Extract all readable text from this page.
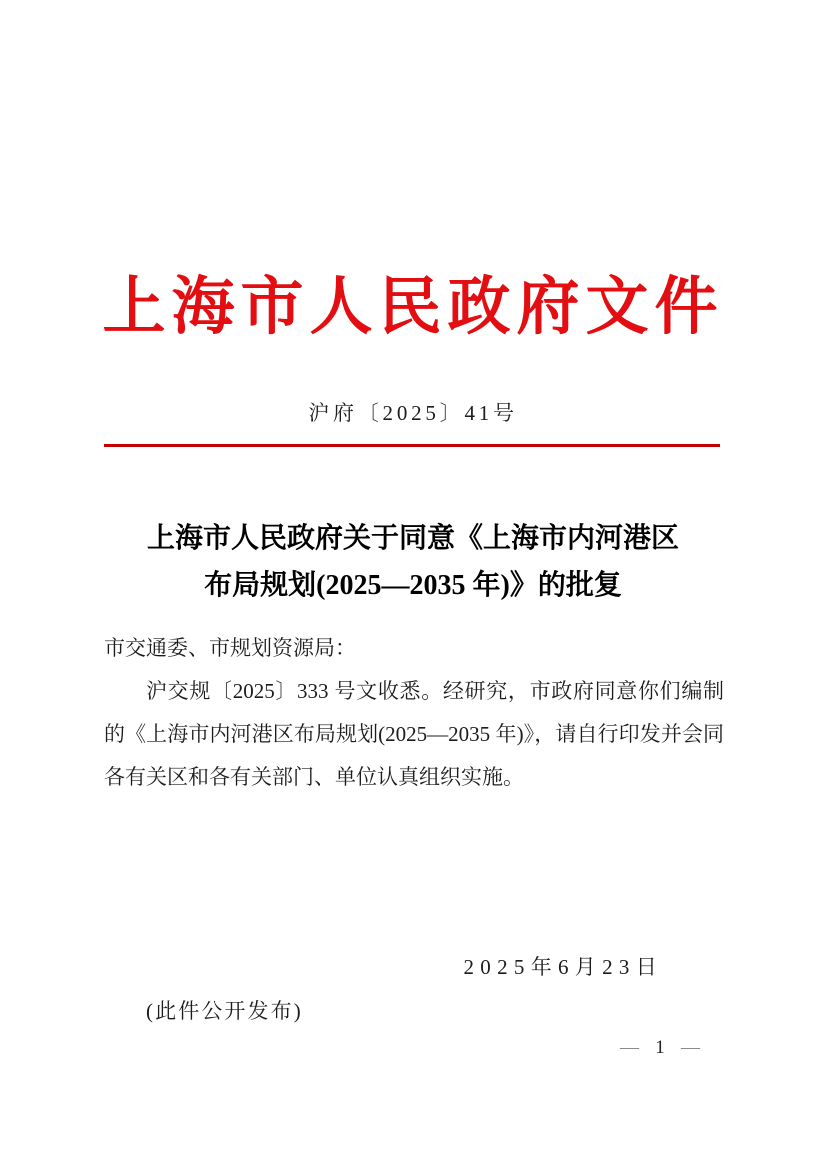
上海市人民政府文件
沪府〔2025〕41号
上海市人民政府关于同意《上海市内河港区
布局规划(2025—2035 年)》的批复
市交通委、市规划资源局：
沪交规〔2025〕333 号文收悉。经研究，市政府同意你们编制的《上海市内河港区布局规划(2025—2035 年)》，请自行印发并会同各有关区和各有关部门、单位认真组织实施。
2025年6月23日
(此件公开发布)
— 1 —
